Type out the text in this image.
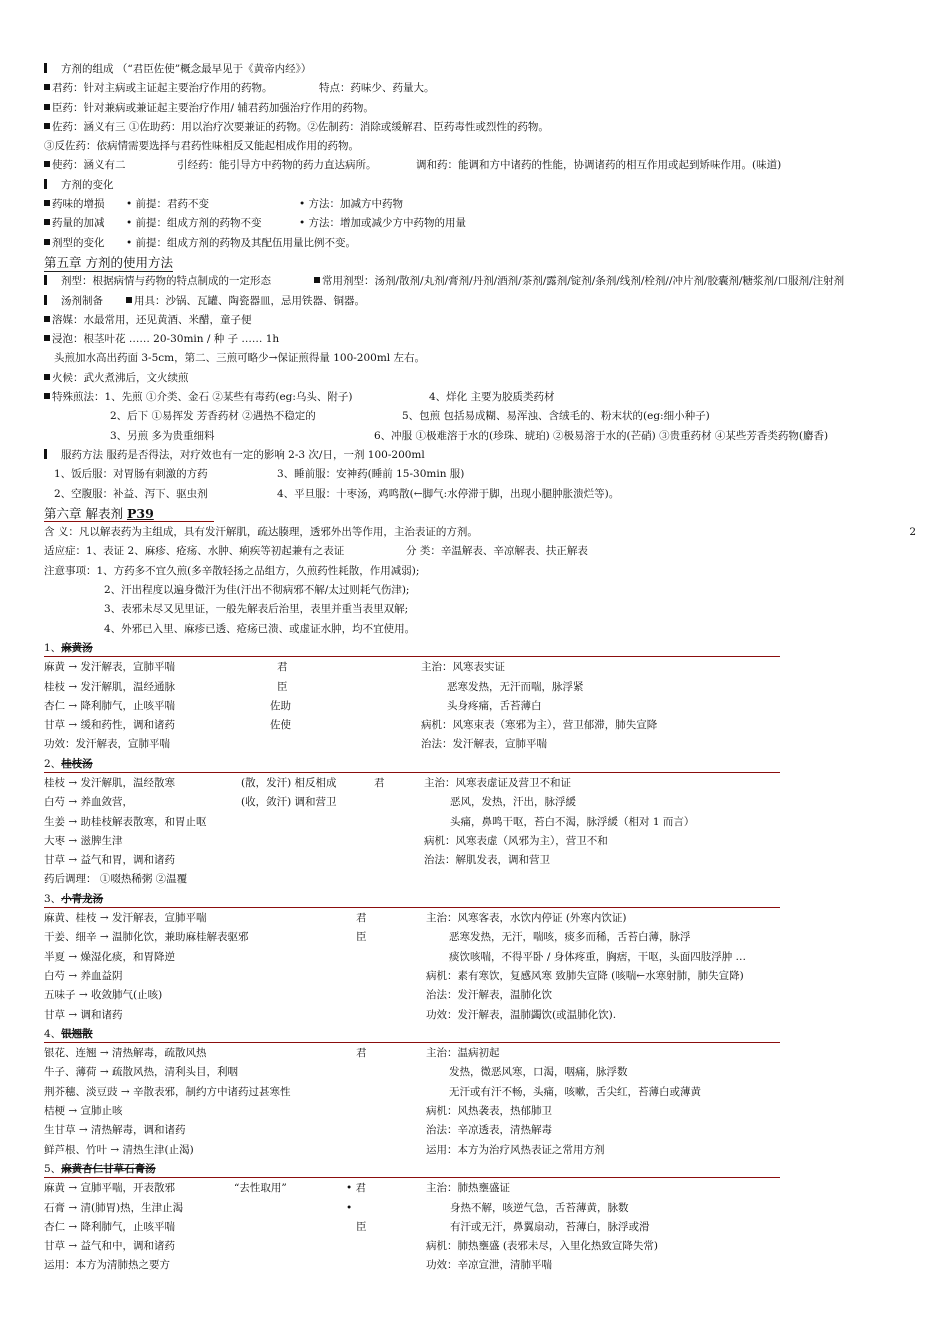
方剂的组成 （“君臣佐使”概念最早见于《黄帝内经》）
君药：针对主病或主证起主要治疗作用的药物。	特点：药味少、药量大。
臣药：针对兼病或兼证起主要治疗作用/ 辅君药加强治疗作用的药物。
佐药：涵义有三 ①佐助药：用以治疗次要兼证的药物。②佐制药：消除或缓解君、臣药毒性或烈性的药物。
③反佐药：依病情需要选择与君药性味相反又能起相成作用的药物。
使药：涵义有二	引经药：能引导方中药物的药力直达病所。	调和药：能调和方中诸药的性能，协调诸药的相互作用或起到矫味作用。(味道)
方剂的变化
药味的增损 • 前提：君药不变	• 方法：加减方中药物
药量的加减 • 前提：组成方剂的药物不变	• 方法：增加或减少方中药物的用量
剂型的变化 • 前提：组成方剂的药物及其配伍用量比例不变。
第五章 方剂的使用方法
剂型：根据病情与药物的特点制成的一定形态	常用剂型：汤剂/散剂/丸剂/膏剂/丹剂/酒剂/茶剂/露剂/锭剂/条剂/线剂/栓剂//冲片剂/胶囊剂/糖浆剂/口服剂/注射剂
汤剂制备	用具：沙锅、瓦罐、陶瓷器皿，忌用铁器、铜器。
溶媒：水最常用，还见黄酒、米醋，童子便
浸泡：根茎叶花 …… 20-30min / 种 子 …… 1h
头煎加水高出药面 3-5cm，第二、三煎可略少→保证煎得量 100-200ml 左右。
火候：武火煮沸后，文火续煎
特殊煎法：1、先煎 ①介类、金石 ②某些有毒药(eg:乌头、附子)	4、烊化 主要为胶质类药材
2、后下 ①易挥发 芳香药材 ②遇热不稳定的	5、包煎 包括易成糊、易浑浊、含绒毛的、粉末状的(eg:细小种子)
3、另煎 多为贵重细料	6、冲服 ①极难溶于水的(珍珠、琥珀) ②极易溶于水的(芒硝) ③贵重药材 ④某些芳香类药物(麝香)
服药方法 服药是否得法，对疗效也有一定的影响 2-3 次/日，一剂 100-200ml
1、饭后服：对胃肠有刺激的方药	3、睡前服：安神药(睡前 15-30min 服)
2、空腹服：补益、泻下、驱虫剂	4、平旦服：十枣汤，鸡鸣散(←脚气:水停滞于脚，出现小腿肿胀溃烂等)。
第六章 解表剂 P39
含 义：凡以解表药为主组成，具有发汗解肌，疏达腠理，透邪外出等作用，主治表证的方剂。	2
适应症：1、表证 2、麻疹、疮疡、水肿、痢疾等初起兼有之表证	分 类：辛温解表、辛凉解表、扶正解表
注意事项：1、方药多不宜久煎(多辛散轻扬之品组方，久煎药性耗散，作用减弱);
2、汗出程度以遍身微汗为佳(汗出不彻病邪不解/太过则耗气伤津);
3、表邪未尽又见里证，一般先解表后治里，表里并重当表里双解;
4、外邪已入里、麻疹已透、疮疡已溃、或虚证水肿，均不宜使用。
1、麻黄汤
麻黄 → 发汗解表，宣肺平喘	君	主治：风寒表实证
桂枝 → 发汗解肌，温经通脉	臣	恶寒发热，无汗而喘，脉浮紧
杏仁 → 降利肺气，止咳平喘	佐助	头身疼痛，舌苔薄白
甘草 → 缓和药性，调和诸药	佐使	病机：风寒束表（寒邪为主），营卫郁滞，肺失宣降
功效：发汗解表，宣肺平喘	治法：发汗解表，宣肺平喘
2、桂枝汤
桂枝 → 发汗解肌，温经散寒	(散，发汗) 相反相成	君	主治：风寒表虚证及营卫不和证
白芍 → 养血敛营，	(收，敛汗) 调和营卫	恶风，发热，汗出，脉浮緩
生姜 → 助桂枝解表散寒，和胃止呕	头痛，鼻鸣干呕，苔白不渴，脉浮緩（相对 1 而言）
大枣 → 滋脾生津	病机：风寒表虚（风邪为主），营卫不和
甘草 → 益气和胃，调和诸药	治法：解肌发表，调和营卫
药后调理： ①啜热稀粥 ②温覆
3、小青龙汤
麻黄、桂枝 → 发汗解表，宣肺平喘	君	主治：风寒客表，水饮内停证 (外寒内饮证)
干姜、细辛 → 温肺化饮，兼助麻桂解表驱邪	臣	恶寒发热，无汗，喘咳，痰多而稀，舌苔白薄，脉浮
半夏 → 燥湿化痰，和胃降逆	痰饮咳喘，不得平卧 / 身体疼重，胸痞，干呕，头面四肢浮肿 …
白芍 → 养血益阴	病机：素有寒饮，复感风寒 致肺失宣降 (咳喘←水寒射肺，肺失宣降)
五味子 → 收敛肺气(止咳)	治法：发汗解表，温肺化饮
甘草 → 调和诸药	功效：发汗解表，温肺蠲饮(或温肺化饮).
4、银翘散
银花、连翘 → 清热解毒，疏散风热	君	主治：温病初起
牛子、薄荷 → 疏散风热，清利头目，利咽	发热，微恶风寒，口渴，咽痛，脉浮数
荆芥穗、淡豆豉 → 辛散表邪，制约方中诸药过甚寒性	无汗或有汗不畅，头痛，咳嗽，舌尖红，苔薄白或薄黄
桔梗 → 宣肺止咳	病机：风热袭表，热郁肺卫
生甘草 → 清热解毒，调和诸药	治法：辛凉透表，清热解毒
鲜芦根、竹叶 → 清热生津(止渴)	运用：本方为治疗风热表证之常用方剂
5、麻黄杏仁甘草石膏汤
麻黄 → 宣肺平喘，开表散邪	“去性取用”	• 君	主治：肺热壅盛证
石膏 → 清(肺胃)热，生津止渴	•	身热不解，咳逆气急，舌苔薄黄，脉数
杏仁 → 降利肺气，止咳平喘	臣	有汗或无汗，鼻翼扇动，苔薄白，脉浮或滑
甘草 → 益气和中，调和诸药	病机：肺热壅盛 (表邪未尽，入里化热致宣降失常)
运用：本方为清肺热之要方	功效：辛凉宣泄，清肺平喘
